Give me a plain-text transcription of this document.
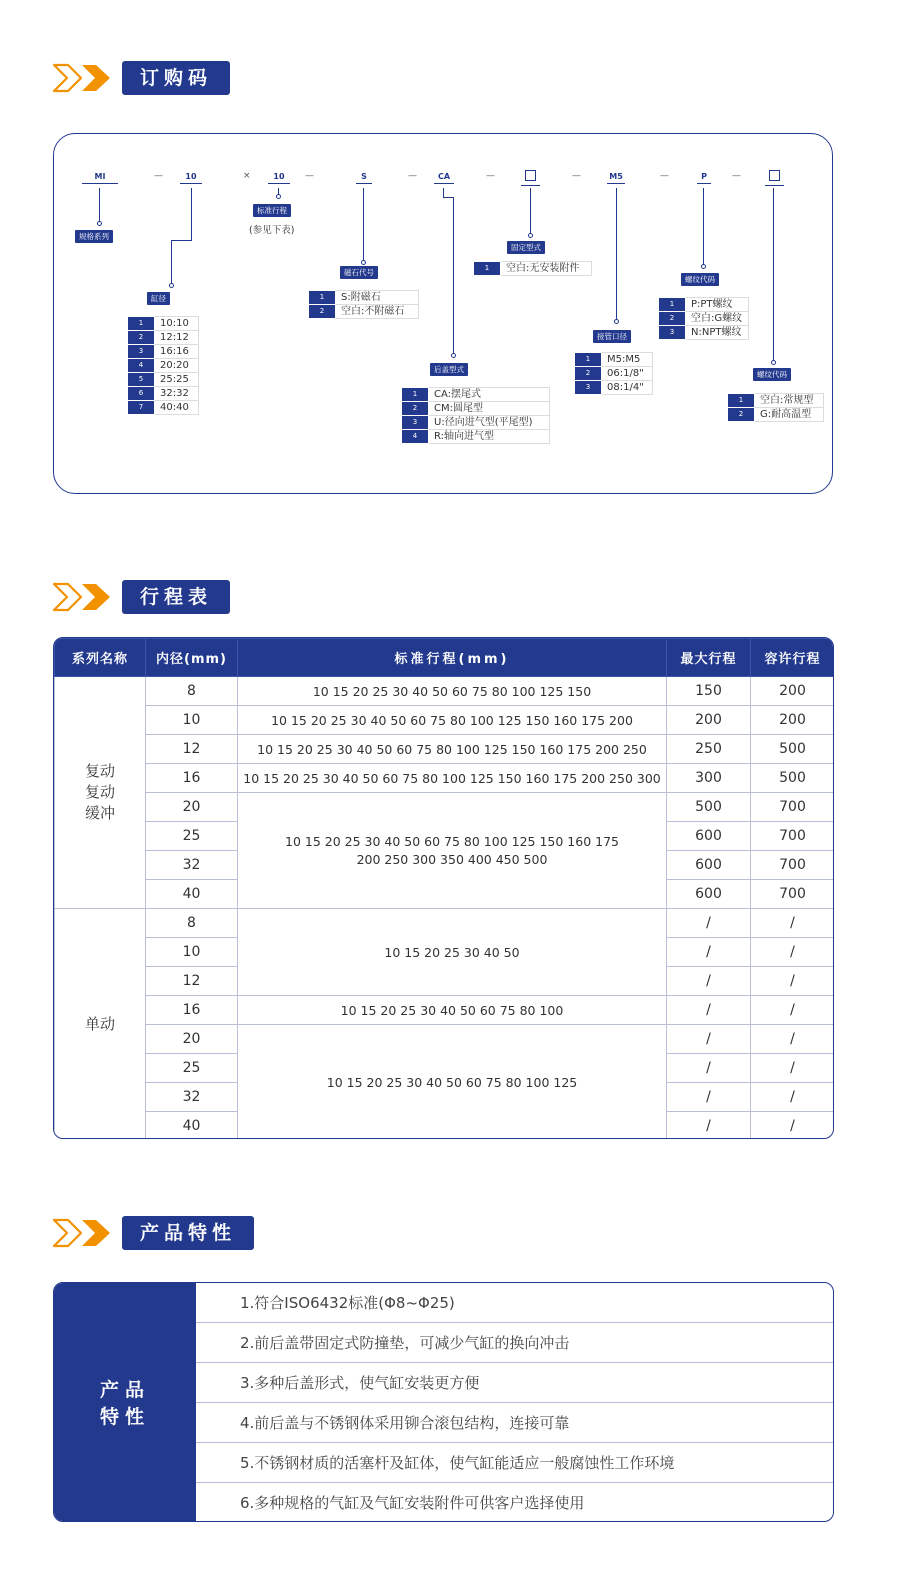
订购码
MI	—	10	×	10	—	S	—	CA	—	—	M5	—	P	—
规格系列
缸径
1	10:10
2	12:12
3	16:16
4	20:20
5	25:25
6	32:32
7	40:40
标准行程
(参见下表)
磁石代号
1	S:附磁石
2	空白:不附磁石
后盖型式
1	CA:摆尾式
2	CM:圆尾型
3	U:径向进气型(平尾型)
4	R:轴向进气型
固定型式
1	空白:无安装附件
接管口径
1	M5:M5
2	06:1/8"
3	08:1/4"
螺纹代码
1	P:PT螺纹
2	空白:G螺纹
3	N:NPT螺纹
螺纹代码
1	空白:常规型
2	G:耐高温型
行程表
系列名称	内径(mm)	标准行程(mm)	最大行程	容许行程
复动
复动
缓冲	8	10 15 20 25 30 40 50 60 75 80 100 125 150	150	200
	10	10 15 20 25 30 40 50 60 75 80 100 125 150 160 175 200	200	200
	12	10 15 20 25 30 40 50 60 75 80 100 125 150 160 175 200 250	250	500
	16	10 15 20 25 30 40 50 60 75 80 100 125 150 160 175 200 250 300	300	500
	20	10 15 20 25 30 40 50 60 75 80 100 125 150 160 175
200 250 300 350 400 450 500	500	700
	25		600	700
	32		600	700
	40		600	700
单动	8	10 15 20 25 30 40 50	/	/
	10		/	/
	12		/	/
	16	10 15 20 25 30 40 50 60 75 80 100	/	/
	20	10 15 20 25 30 40 50 60 75 80 100 125	/	/
	25		/	/
	32		/	/
	40		/	/
产品特性
产品
特性
1.符合ISO6432标准(Φ8~Φ25)
2.前后盖带固定式防撞垫，可减少气缸的换向冲击
3.多种后盖形式，使气缸安装更方便
4.前后盖与不锈钢体采用铆合滚包结构，连接可靠
5.不锈钢材质的活塞杆及缸体，使气缸能适应一般腐蚀性工作环境
6.多种规格的气缸及气缸安装附件可供客户选择使用
